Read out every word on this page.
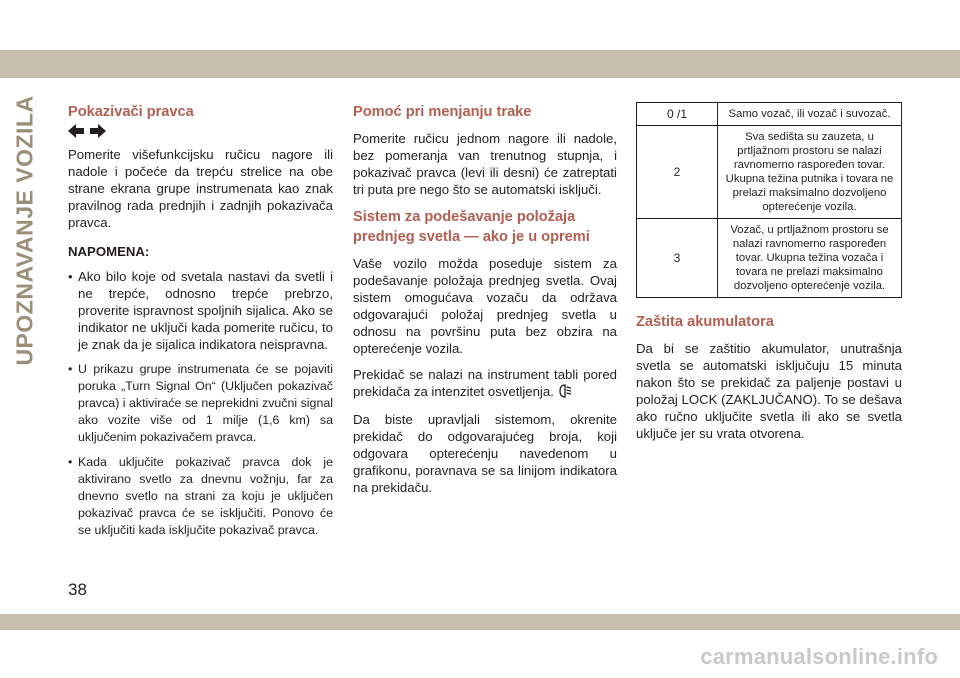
UPOZNAVANJE VOZILA Pokazivači pravca

Pomerite višefunkcijsku ručicu nagore ili nadole i počeće da trepću strelice na obe strane ekrana grupe instrumenata kao znak pravilnog rada prednjih i zadnjih pokazivača pravca.

NAPOMENA:
• Ako bilo koje od svetala nastavi da svetli i ne trepće, odnosno trepće prebrzo, proverite ispravnost spoljnih sijalica. Ako se indikator ne uključi kada pomerite ručicu, to je znak da je sijalica indikatora neispravna.
• U prikazu grupe instrumenata će se pojaviti poruka „Turn Signal On“ (Uključen pokazivač pravca) i aktiviraće se neprekidni zvučni signal ako vozite više od 1 milje (1,6 km) sa uključenim pokazivačem pravca.
• Kada uključite pokazivač pravca dok je aktivirano svetlo za dnevnu vožnju, far za dnevno svetlo na strani za koju je uključen pokazivač pravca će se isključiti. Ponovo će se uključiti kada isključite pokazivač pravca.
Pomoć pri menjanju trake

Pomerite ručicu jednom nagore ili nadole, bez pomeranja van trenutnog stupnja, i pokazivač pravca (levi ili desni) će zatreptati tri puta pre nego što se automatski isključi.

Sistem za podešavanje položaja
prednjeg svetla — ako je u opremi

Vaše vozilo možda poseduje sistem za podešavanje položaja prednjeg svetla. Ovaj sistem omogućava vozaču da održava odgovarajući položaj prednjeg svetla u odnosu na površinu puta bez obzira na opterećenje vozila.

Prekidač se nalazi na instrument tabli pored prekidača za intenzitet osvetljenja.

Da biste upravljali sistemom, okrenite prekidač do odgovarajućeg broja, koji odgovara opterećenju navedenom u grafikonu, poravnava se sa linijom indikatora na prekidaču.

0 /1	Samo vozač, ili vozač i suvozač.
2	Sva sedišta su zauzeta, u prtljažnom prostoru se nalazi ravnomerno raspoređen tovar. Ukupna težina putnika i tovara ne prelazi maksimalno dozvoljeno opterećenje vozila.
3	Vozač, u prtljažnom prostoru se nalazi ravnomerno raspoređen tovar. Ukupna težina vozača i tovara ne prelazi maksimalno dozvoljeno opterećenje vozila.
Zaštita akumulatora

Da bi se zaštitio akumulator, unutrašnja svetla se automatski isključuju 15 minuta nakon što se prekidač za paljenje postavi u položaj LOCK (ZAKLJUČANO). To se dešava ako ručno uključite svetla ili ako se svetla uključe jer su vrata otvorena.

38
carmanualsonline.info
